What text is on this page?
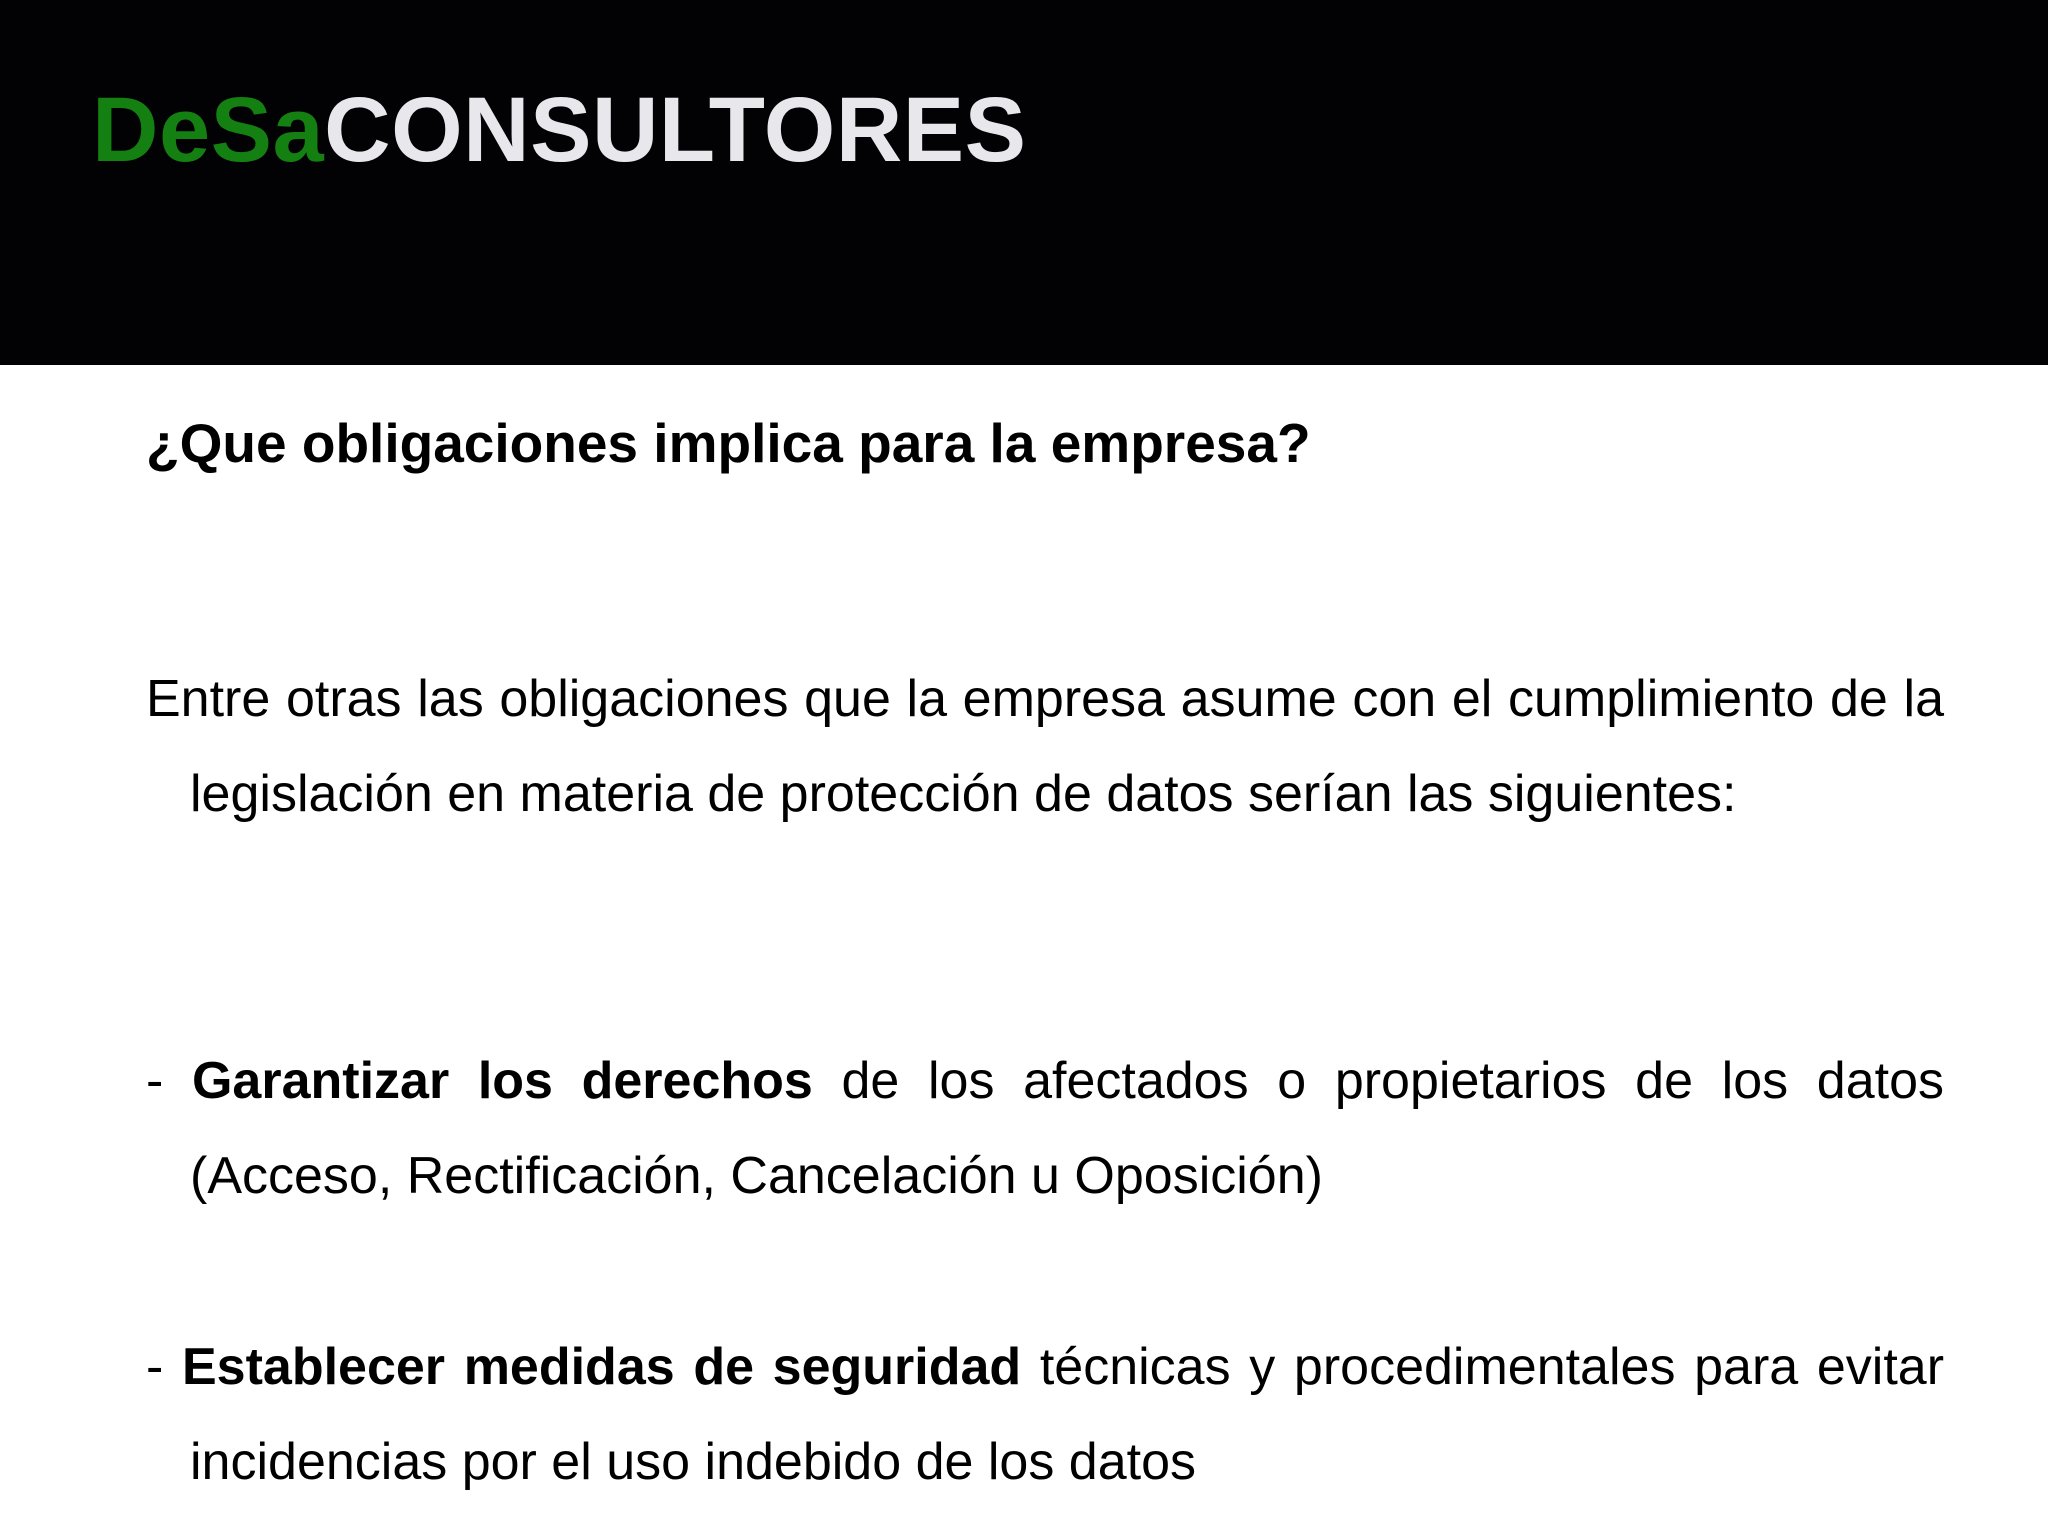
DeSaCONSULTORES
¿Que obligaciones implica para la empresa?

Entre otras las obligaciones que la empresa asume con el cumplimiento de la legislación en materia de protección de datos serían las siguientes:

- Garantizar los derechos de los afectados o propietarios de los datos (Acceso, Rectificación, Cancelación u Oposición)

- Establecer medidas de seguridad técnicas y procedimentales para evitar incidencias por el uso indebido de los datos
